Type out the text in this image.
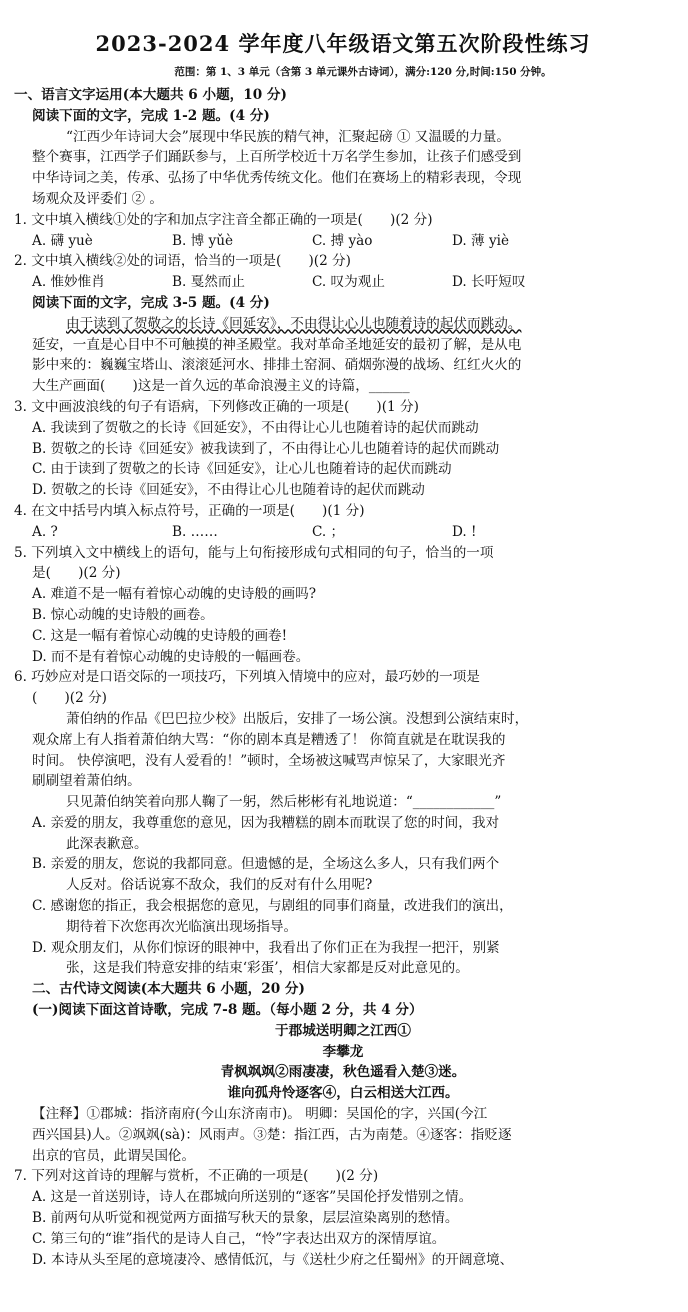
2023-2024 学年度八年级语文第五次阶段性练习
范围：第 1、3 单元（含第 3 单元课外古诗词），满分:120 分,时间:150 分钟。
一、语言文字运用(本大题共 6 小题，10 分)
阅读下面的文字，完成 1-2 题。(4 分)
“江西少年诗词大会”展现中华民族的精气神，汇聚起磅 ① 又温暖的力量。
整个赛事，江西学子们踊跃参与，上百所学校近十万名学生参加，让孩子们感受到
中华诗词之美，传承、弘扬了中华优秀传统文化。他们在赛场上的精彩表现，令现
场观众及评委们 ② 。
1. 文中填入横线①处的字和加点字注音全都正确的一项是(　　)(2 分)
A. 礴 yuè	B. 博 yǔè	C. 搏 yào	D. 薄 yiè
2. 文中填入横线②处的词语，恰当的一项是(　　)(2 分)
A. 惟妙惟肖	B. 戛然而止	C. 叹为观止	D. 长吁短叹
阅读下面的文字，完成 3-5 题。(4 分)
由于读到了贺敬之的长诗《回延安》，不由得让心儿也随着诗的起伏而跳动。
延安，一直是心目中不可触摸的神圣殿堂。我对革命圣地延安的最初了解，是从电
影中来的：巍巍宝塔山、滚滚延河水、排排土窑洞、硝烟弥漫的战场、红红火火的
大生产画面(　　)这是一首久远的革命浪漫主义的诗篇，______
3. 文中画波浪线的句子有语病，下列修改正确的一项是(　　)(1 分)
A. 我读到了贺敬之的长诗《回延安》，不由得让心儿也随着诗的起伏而跳动
B. 贺敬之的长诗《回延安》被我读到了，不由得让心儿也随着诗的起伏而跳动
C. 由于读到了贺敬之的长诗《回延安》，让心儿也随着诗的起伏而跳动
D. 贺敬之的长诗《回延安》，不由得让心儿也随着诗的起伏而跳动
4. 在文中括号内填入标点符号，正确的一项是(　　)(1 分)
A. ?	B. ……	C. ；	D. !
5. 下列填入文中横线上的语句，能与上句衔接形成句式相同的句子，恰当的一项
是(　　)(2 分)
A. 难道不是一幅有着惊心动魄的史诗般的画吗?
B. 惊心动魄的史诗般的画卷。
C. 这是一幅有着惊心动魄的史诗般的画卷!
D. 而不是有着惊心动魄的史诗般的一幅画卷。
6. 巧妙应对是口语交际的一项技巧，下列填入情境中的应对，最巧妙的一项是
(　　)(2 分)
萧伯纳的作品《巴巴拉少校》出版后，安排了一场公演。没想到公演结束时，
观众席上有人指着萧伯纳大骂：“你的剧本真是糟透了！ 你简直就是在耽误我的
时间。 快停演吧，没有人爱看的！”顿时，全场被这喊骂声惊呆了，大家眼光齐
刷刷望着萧伯纳。
只见萧伯纳笑着向那人鞠了一躬，然后彬彬有礼地说道：“____________”
A. 亲爱的朋友，我尊重您的意见，因为我糟糕的剧本而耽误了您的时间，我对
此深表歉意。
B. 亲爱的朋友，您说的我都同意。但遗憾的是，全场这么多人，只有我们两个
人反对。俗话说寡不敌众，我们的反对有什么用呢?
C. 感谢您的指正，我会根据您的意见，与剧组的同事们商量，改进我们的演出，
期待着下次您再次光临演出现场指导。
D. 观众朋友们，从你们惊讶的眼神中，我看出了你们正在为我捏一把汗，别紧
张，这是我们特意安排的结束‘彩蛋’，相信大家都是反对此意见的。
二、古代诗文阅读(本大题共 6 小题，20 分)
(一)阅读下面这首诗歌，完成 7-8 题。（每小题 2 分，共 4 分）
于郡城送明卿之江西①
李攀龙
青枫飒飒②雨凄凄，秋色遥看入楚③迷。
谁向孤舟怜逐客④，白云相送大江西。
【注释】①郡城：指济南府(今山东济南市)。 明卿：吴国伦的字，兴国(今江
西兴国县)人。②飒飒(sà)：风雨声。③楚：指江西，古为南楚。④逐客：指贬逐
出京的官员，此谓吴国伦。
7. 下列对这首诗的理解与赏析，不正确的一项是(　　)(2 分)
A. 这是一首送别诗，诗人在郡城向所送别的“逐客”吴国伦抒发惜别之情。
B. 前两句从听觉和视觉两方面描写秋天的景象，层层渲染离别的愁情。
C. 第三句的“谁”指代的是诗人自己，“怜”字表达出双方的深情厚谊。
D. 本诗从头至尾的意境凄冷、感情低沉，与《送杜少府之任蜀州》的开阔意境、
